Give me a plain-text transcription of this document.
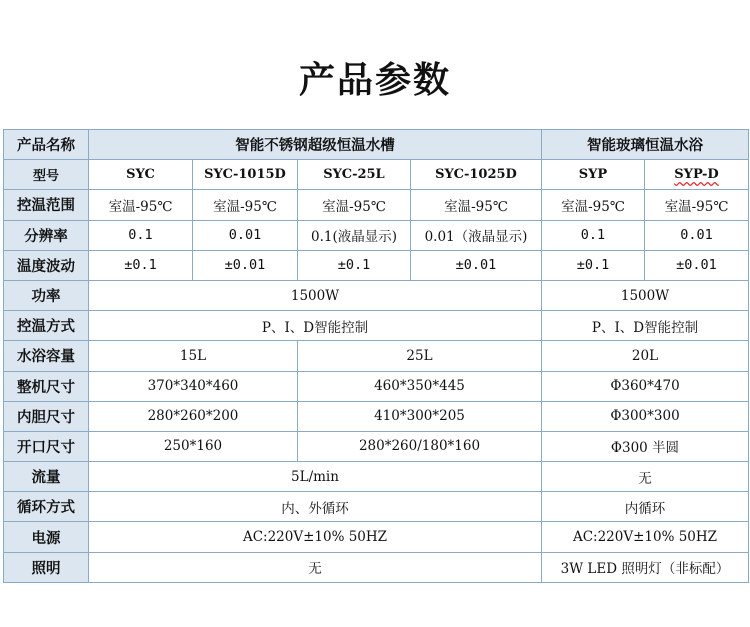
产品参数
产品名称	智能不锈钢超级恒温水槽				智能玻璃恒温水浴	
型号	SYC	SYC-1015D	SYC-25L	SYC-1025D	SYP	SYP-D
控温范围	室温-95℃	室温-95℃	室温-95℃	室温-95℃	室温-95℃	室温-95℃
分辨率	0.1	0.01	0.1(液晶显示)	0.01（液晶显示)	0.1	0.01
温度波动	±0.1	±0.01	±0.1	±0.01	±0.1	±0.01
功率	1500W				1500W	
控温方式	P、I、D智能控制				P、I、D智能控制	
水浴容量	15L		25L		20L	
整机尺寸	370*340*460		460*350*445		Φ360*470	
内胆尺寸	280*260*200		410*300*205		Φ300*300	
开口尺寸	250*160		280*260/180*160		Φ300 半圆	
流量	5L/min				无	
循环方式	内、外循环				内循环	
电源	AC:220V±10% 50HZ				AC:220V±10% 50HZ	
照明	无				3W LED 照明灯（非标配）	
